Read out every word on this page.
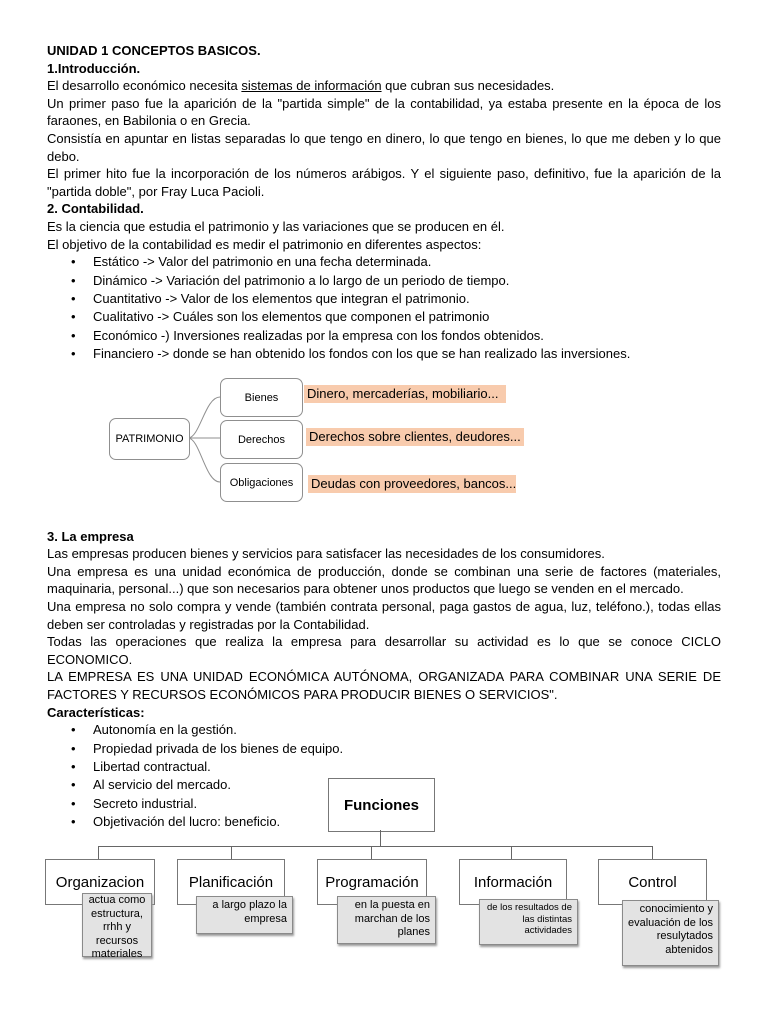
UNIDAD 1 CONCEPTOS BASICOS.

1.Introducción.

El desarrollo económico necesita sistemas de información que cubran sus necesidades.

Un primer paso fue la aparición de la "partida simple" de la contabilidad, ya estaba presente en la época de los faraones, en Babilonia o en Grecia.

Consistía en apuntar en listas separadas lo que tengo en dinero, lo que tengo en bienes, lo que me deben y lo que debo.

El primer hito fue la incorporación de los números arábigos. Y el siguiente paso, definitivo, fue la aparición de la "partida doble", por Fray Luca Pacioli.

2. Contabilidad.

Es la ciencia que estudia el patrimonio y las variaciones que se producen en él.

El objetivo de la contabilidad es medir el patrimonio en diferentes aspectos:

• Estático -> Valor del patrimonio en una fecha determinada.
• Dinámico -> Variación del patrimonio a lo largo de un periodo de tiempo.
• Cuantitativo -> Valor de los elementos que integran el patrimonio.
• Cualitativo -> Cuáles son los elementos que componen el patrimonio
• Económico -) Inversiones realizadas por la empresa con los fondos obtenidos.
• Financiero -> donde se han obtenido los fondos con los que se han realizado las inversiones.

3. La empresa

Las empresas producen bienes y servicios para satisfacer las necesidades de los consumidores.

Una empresa es una unidad económica de producción, donde se combinan una serie de factores (materiales, maquinaria, personal...) que son necesarios para obtener unos productos que luego se venden en el mercado.

Una empresa no solo compra y vende (también contrata personal, paga gastos de agua, luz, teléfono.), todas ellas deben ser controladas y registradas por la Contabilidad.

Todas las operaciones que realiza la empresa para desarrollar su actividad es lo que se conoce CICLO ECONOMICO.

LA EMPRESA ES UNA UNIDAD ECONÓMICA AUTÓNOMA, ORGANIZADA PARA COMBINAR UNA SERIE DE FACTORES Y RECURSOS ECONÓMICOS PARA PRODUCIR BIENES O SERVICIOS".

Características:

• Autonomía en la gestión.
• Propiedad privada de los bienes de equipo.
• Libertad contractual.
• Al servicio del mercado.
• Secreto industrial.
• Objetivación del lucro: beneficio.
PATRIMONIO
Bienes
Derechos
Obligaciones
Dinero, mercaderías, mobiliario...
Derechos sobre clientes, deudores...
Deudas con proveedores, bancos...
Funciones
Organizacion	Planificación	Programación	Información	Control
actua como estructura, rrhh y recursos materiales
a largo plazo la empresa
en la puesta en marchan de los planes
de los resultados de las distintas actividades
conocimiento y evaluación de los resulytados abtenidos
